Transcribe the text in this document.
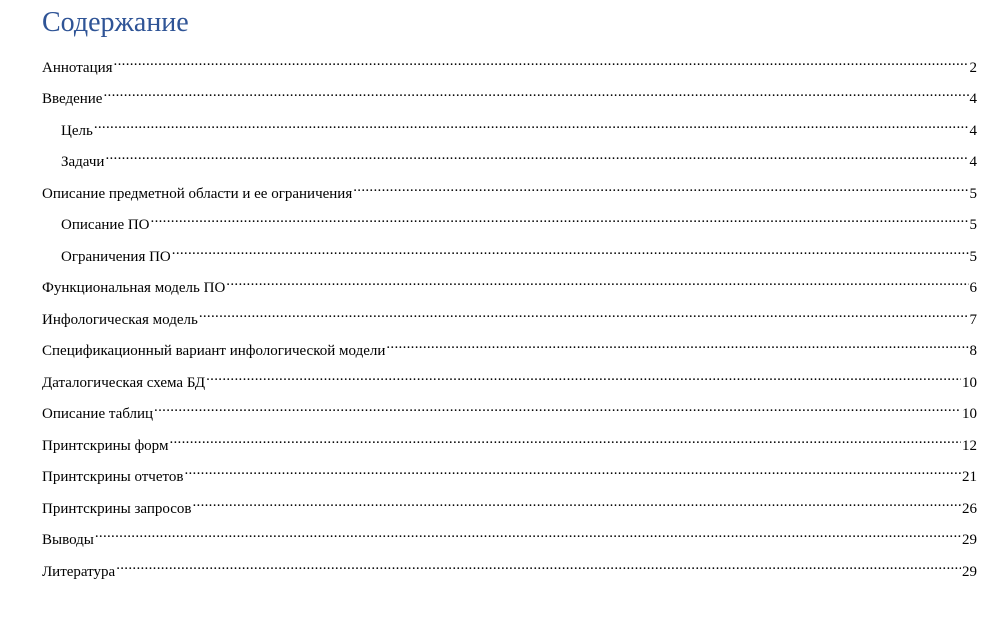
Содержание
Аннотация .....	2
Введение .....	4
Цель .....	4
Задачи .....	4
Описание предметной области и ее ограничения .....	5
Описание ПО .....	5
Ограничения ПО .....	5
Функциональная модель ПО .....	6
Инфологическая модель .....	7
Спецификационный вариант инфологической модели .....	8
Даталогическая схема БД .....	10
Описание таблиц .....	10
Принтскрины форм .....	12
Принтскрины отчетов .....	21
Принтскрины запросов .....	26
Выводы .....	29
Литература .....	29
